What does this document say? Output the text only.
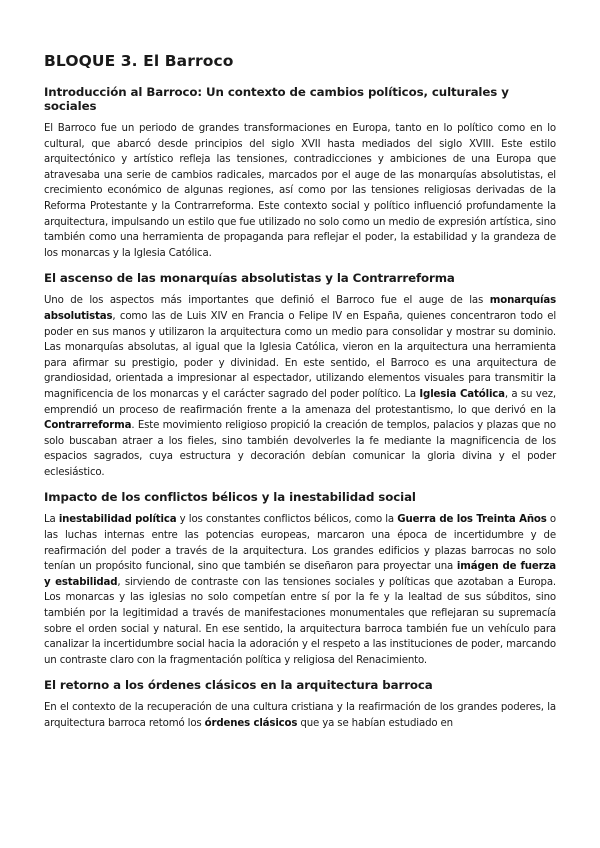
BLOQUE 3. El Barroco
Introducción al Barroco: Un contexto de cambios políticos, culturales y sociales

El Barroco fue un periodo de grandes transformaciones en Europa, tanto en lo político como en lo cultural, que abarcó desde principios del siglo XVII hasta mediados del siglo XVIII. Este estilo arquitectónico y artístico refleja las tensiones, contradicciones y ambiciones de una Europa que atravesaba una serie de cambios radicales, marcados por el auge de las monarquías absolutistas, el crecimiento económico de algunas regiones, así como por las tensiones religiosas derivadas de la Reforma Protestante y la Contrarreforma. Este contexto social y político influenció profundamente la arquitectura, impulsando un estilo que fue utilizado no solo como un medio de expresión artística, sino también como una herramienta de propaganda para reflejar el poder, la estabilidad y la grandeza de los monarcas y la Iglesia Católica.

El ascenso de las monarquías absolutistas y la Contrarreforma

Uno de los aspectos más importantes que definió el Barroco fue el auge de las monarquías absolutistas, como las de Luis XIV en Francia o Felipe IV en España, quienes concentraron todo el poder en sus manos y utilizaron la arquitectura como un medio para consolidar y mostrar su dominio. Las monarquías absolutas, al igual que la Iglesia Católica, vieron en la arquitectura una herramienta para afirmar su prestigio, poder y divinidad. En este sentido, el Barroco es una arquitectura de grandiosidad, orientada a impresionar al espectador, utilizando elementos visuales para transmitir la magnificencia de los monarcas y el carácter sagrado del poder político. La Iglesia Católica, a su vez, emprendió un proceso de reafirmación frente a la amenaza del protestantismo, lo que derivó en la Contrarreforma. Este movimiento religioso propició la creación de templos, palacios y plazas que no solo buscaban atraer a los fieles, sino también devolverles la fe mediante la magnificencia de los espacios sagrados, cuya estructura y decoración debían comunicar la gloria divina y el poder eclesiástico.

Impacto de los conflictos bélicos y la inestabilidad social

La inestabilidad política y los constantes conflictos bélicos, como la Guerra de los Treinta Años o las luchas internas entre las potencias europeas, marcaron una época de incertidumbre y de reafirmación del poder a través de la arquitectura. Los grandes edificios y plazas barrocas no solo tenían un propósito funcional, sino que también se diseñaron para proyectar una imágen de fuerza y estabilidad, sirviendo de contraste con las tensiones sociales y políticas que azotaban a Europa. Los monarcas y las iglesias no solo competían entre sí por la fe y la lealtad de sus súbditos, sino también por la legitimidad a través de manifestaciones monumentales que reflejaran su supremacía sobre el orden social y natural. En ese sentido, la arquitectura barroca también fue un vehículo para canalizar la incertidumbre social hacia la adoración y el respeto a las instituciones de poder, marcando un contraste claro con la fragmentación política y religiosa del Renacimiento.

El retorno a los órdenes clásicos en la arquitectura barroca

En el contexto de la recuperación de una cultura cristiana y la reafirmación de los grandes poderes, la arquitectura barroca retomó los órdenes clásicos que ya se habían estudiado en
